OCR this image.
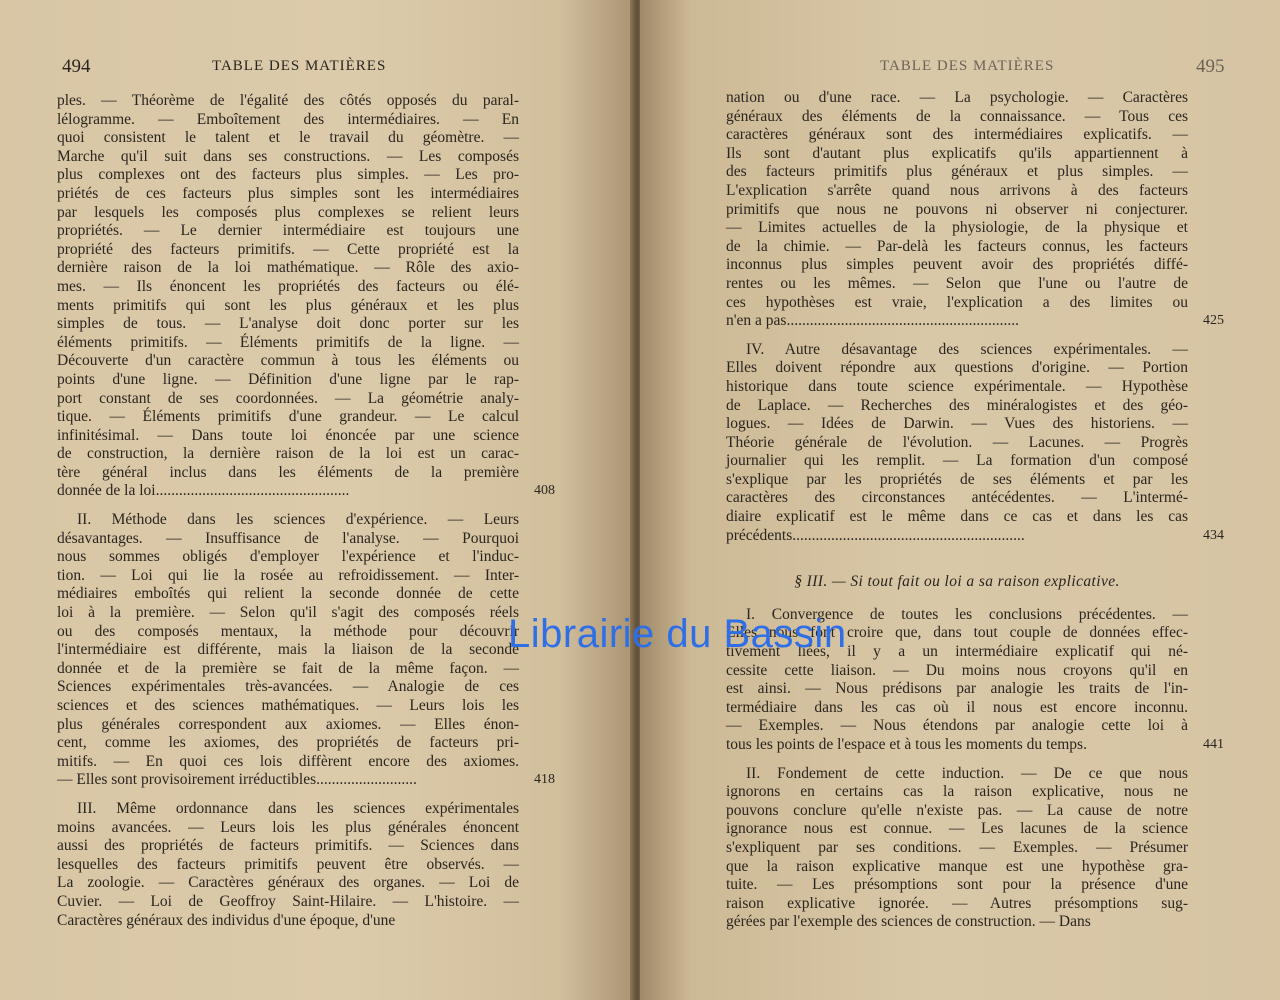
494	TABLE DES MATIÈRES
ples. — Théorème de l'égalité des côtés opposés du paral-
lélogramme. — Emboîtement des intermédiaires. — En
quoi consistent le talent et le travail du géomètre. —
Marche qu'il suit dans ses constructions. — Les composés
plus complexes ont des facteurs plus simples. — Les pro-
priétés de ces facteurs plus simples sont les intermédiaires
par lesquels les composés plus complexes se relient leurs
propriétés. — Le dernier intermédiaire est toujours une
propriété des facteurs primitifs. — Cette propriété est la
dernière raison de la loi mathématique. — Rôle des axio-
mes. — Ils énoncent les propriétés des facteurs ou élé-
ments primitifs qui sont les plus généraux et les plus
simples de tous. — L'analyse doit donc porter sur les
éléments primitifs. — Éléments primitifs de la ligne. —
Découverte d'un caractère commun à tous les éléments ou
points d'une ligne. — Définition d'une ligne par le rap-
port constant de ses coordonnées. — La géométrie analy-
tique. — Éléments primitifs d'une grandeur. — Le calcul
infinitésimal. — Dans toute loi énoncée par une science
de construction, la dernière raison de la loi est un carac-
tère général inclus dans les éléments de la première
donnée de la loi..................................................	408
II. Méthode dans les sciences d'expérience. — Leurs
désavantages. — Insuffisance de l'analyse. — Pourquoi
nous sommes obligés d'employer l'expérience et l'induc-
tion. — Loi qui lie la rosée au refroidissement. — Inter-
médiaires emboîtés qui relient la seconde donnée de cette
loi à la première. — Selon qu'il s'agit des composés réels
ou des composés mentaux, la méthode pour découvrir
l'intermédiaire est différente, mais la liaison de la seconde
donnée et de la première se fait de la même façon. —
Sciences expérimentales très-avancées. — Analogie de ces
sciences et des sciences mathématiques. — Leurs lois les
plus générales correspondent aux axiomes. — Elles énon-
cent, comme les axiomes, des propriétés de facteurs pri-
mitifs. — En quoi ces lois diffèrent encore des axiomes.
— Elles sont provisoirement irréductibles..........................	418
III. Même ordonnance dans les sciences expérimentales
moins avancées. — Leurs lois les plus générales énoncent
aussi des propriétés de facteurs primitifs. — Sciences dans
lesquelles des facteurs primitifs peuvent être observés. —
La zoologie. — Caractères généraux des organes. — Loi de
Cuvier. — Loi de Geoffroy Saint-Hilaire. — L'histoire. —
Caractères généraux des individus d'une époque, d'une
TABLE DES MATIÈRES	495
nation ou d'une race. — La psychologie. — Caractères
généraux des éléments de la connaissance. — Tous ces
caractères généraux sont des intermédiaires explicatifs. —
Ils sont d'autant plus explicatifs qu'ils appartiennent à
des facteurs primitifs plus généraux et plus simples. —
L'explication s'arrête quand nous arrivons à des facteurs
primitifs que nous ne pouvons ni observer ni conjecturer.
— Limites actuelles de la physiologie, de la physique et
de la chimie. — Par-delà les facteurs connus, les facteurs
inconnus plus simples peuvent avoir des propriétés diffé-
rentes ou les mêmes. — Selon que l'une ou l'autre de
ces hypothèses est vraie, l'explication a des limites ou
n'en a pas............................................................	425
IV. Autre désavantage des sciences expérimentales. —
Elles doivent répondre aux questions d'origine. — Portion
historique dans toute science expérimentale. — Hypothèse
de Laplace. — Recherches des minéralogistes et des géo-
logues. — Idées de Darwin. — Vues des historiens. —
Théorie générale de l'évolution. — Lacunes. — Progrès
journalier qui les remplit. — La formation d'un composé
s'explique par les propriétés de ses éléments et par les
caractères des circonstances antécédentes. — L'intermé-
diaire explicatif est le même dans ce cas et dans les cas
précédents............................................................	434
§ III. — Si tout fait ou loi a sa raison explicative.
I. Convergence de toutes les conclusions précédentes. —
Elles nous font croire que, dans tout couple de données effec-
tivement liées, il y a un intermédiaire explicatif qui né-
cessite cette liaison. — Du moins nous croyons qu'il en
est ainsi. — Nous prédisons par analogie les traits de l'in-
termédiaire dans les cas où il nous est encore inconnu.
— Exemples. — Nous étendons par analogie cette loi à
tous les points de l'espace et à tous les moments du temps.	441
II. Fondement de cette induction. — De ce que nous
ignorons en certains cas la raison explicative, nous ne
pouvons conclure qu'elle n'existe pas. — La cause de notre
ignorance nous est connue. — Les lacunes de la science
s'expliquent par ses conditions. — Exemples. — Présumer
que la raison explicative manque est une hypothèse gra-
tuite. — Les présomptions sont pour la présence d'une
raison explicative ignorée. — Autres présomptions sug-
gérées par l'exemple des sciences de construction. — Dans
Librairie du Bassin
